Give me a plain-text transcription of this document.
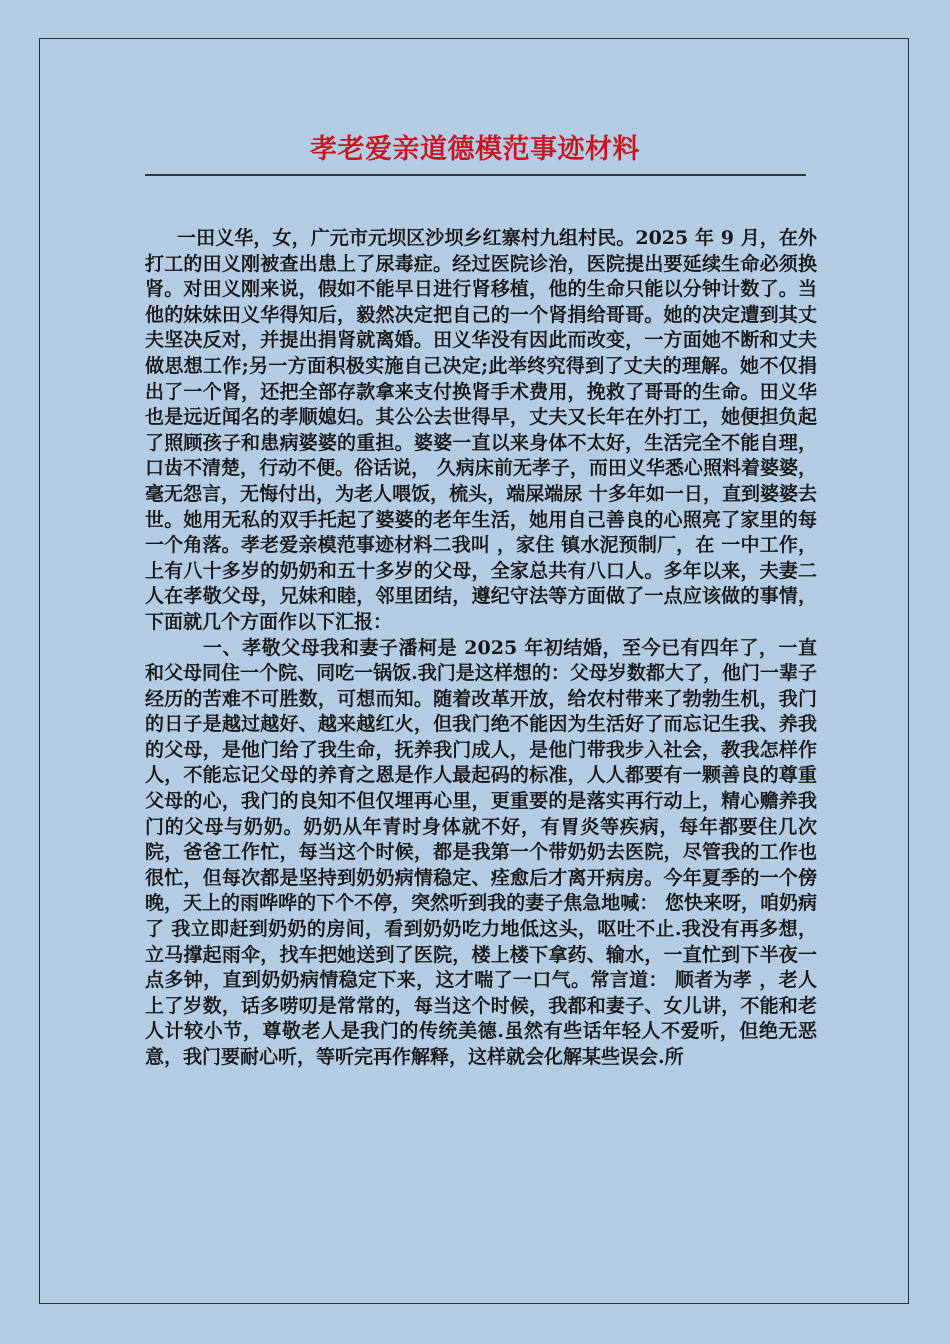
孝老爱亲道德模范事迹材料

一田义华，女，广元市元坝区沙坝乡红寨村九组村民。2025 年 9 月，在外打工的田义刚被查出患上了尿毒症。经过医院诊治，医院提出要延续生命必须换肾。对田义刚来说，假如不能早日进行肾移植，他的生命只能以分钟计数了。当他的妹妹田义华得知后，毅然决定把自己的一个肾捐给哥哥。她的决定遭到其丈夫坚决反对，并提出捐肾就离婚。田义华没有因此而改变，一方面她不断和丈夫做思想工作;另一方面积极实施自己决定;此举终究得到了丈夫的理解。她不仅捐出了一个肾，还把全部存款拿来支付换肾手术费用，挽救了哥哥的生命。田义华也是远近闻名的孝顺媳妇。其公公去世得早，丈夫又长年在外打工，她便担负起了照顾孩子和患病婆婆的重担。婆婆一直以来身体不太好，生活完全不能自理，口齿不清楚，行动不便。俗话说， 久病床前无孝子，而田义华悉心照料着婆婆，毫无怨言，无悔付出，为老人喂饭，梳头，端屎端尿 十多年如一日，直到婆婆去世。她用无私的双手托起了婆婆的老年生活，她用自己善良的心照亮了家里的每一个角落。孝老爱亲模范事迹材料二我叫 ，家住 镇水泥预制厂，在 一中工作，上有八十多岁的奶奶和五十多岁的父母，全家总共有八口人。多年以来，夫妻二人在孝敬父母，兄妹和睦，邻里团结，遵纪守法等方面做了一点应该做的事情，下面就几个方面作以下汇报：

一、孝敬父母我和妻子潘柯是 2025 年初结婚，至今已有四年了，一直和父母同住一个院、同吃一锅饭.我门是这样想的：父母岁数都大了，他门一辈子经历的苦难不可胜数，可想而知。随着改革开放，给农村带来了勃勃生机，我门的日子是越过越好、越来越红火，但我门绝不能因为生活好了而忘记生我、养我的父母，是他门给了我生命，抚养我门成人，是他门带我步入社会，教我怎样作人，不能忘记父母的养育之恩是作人最起码的标准，人人都要有一颗善良的尊重父母的心，我门的良知不但仅埋再心里，更重要的是落实再行动上，精心赡养我门的父母与奶奶。奶奶从年青时身体就不好，有胃炎等疾病，每年都要住几次院，爸爸工作忙，每当这个时候，都是我第一个带奶奶去医院，尽管我的工作也很忙，但每次都是坚持到奶奶病情稳定、痊愈后才离开病房。今年夏季的一个傍晚，天上的雨哗哗的下个不停，突然听到我的妻子焦急地喊： 您快来呀，咱奶病了 我立即赶到奶奶的房间，看到奶奶吃力地低这头，呕吐不止.我没有再多想，立马撑起雨伞，找车把她送到了医院，楼上楼下拿药、输水，一直忙到下半夜一点多钟，直到奶奶病情稳定下来，这才喘了一口气。常言道： 顺者为孝 ，老人上了岁数，话多唠叨是常常的，每当这个时候，我都和妻子、女儿讲，不能和老人计较小节，尊敬老人是我门的传统美德.虽然有些话年轻人不爱听，但绝无恶意，我门要耐心听，等听完再作解释，这样就会化解某些误会.所
